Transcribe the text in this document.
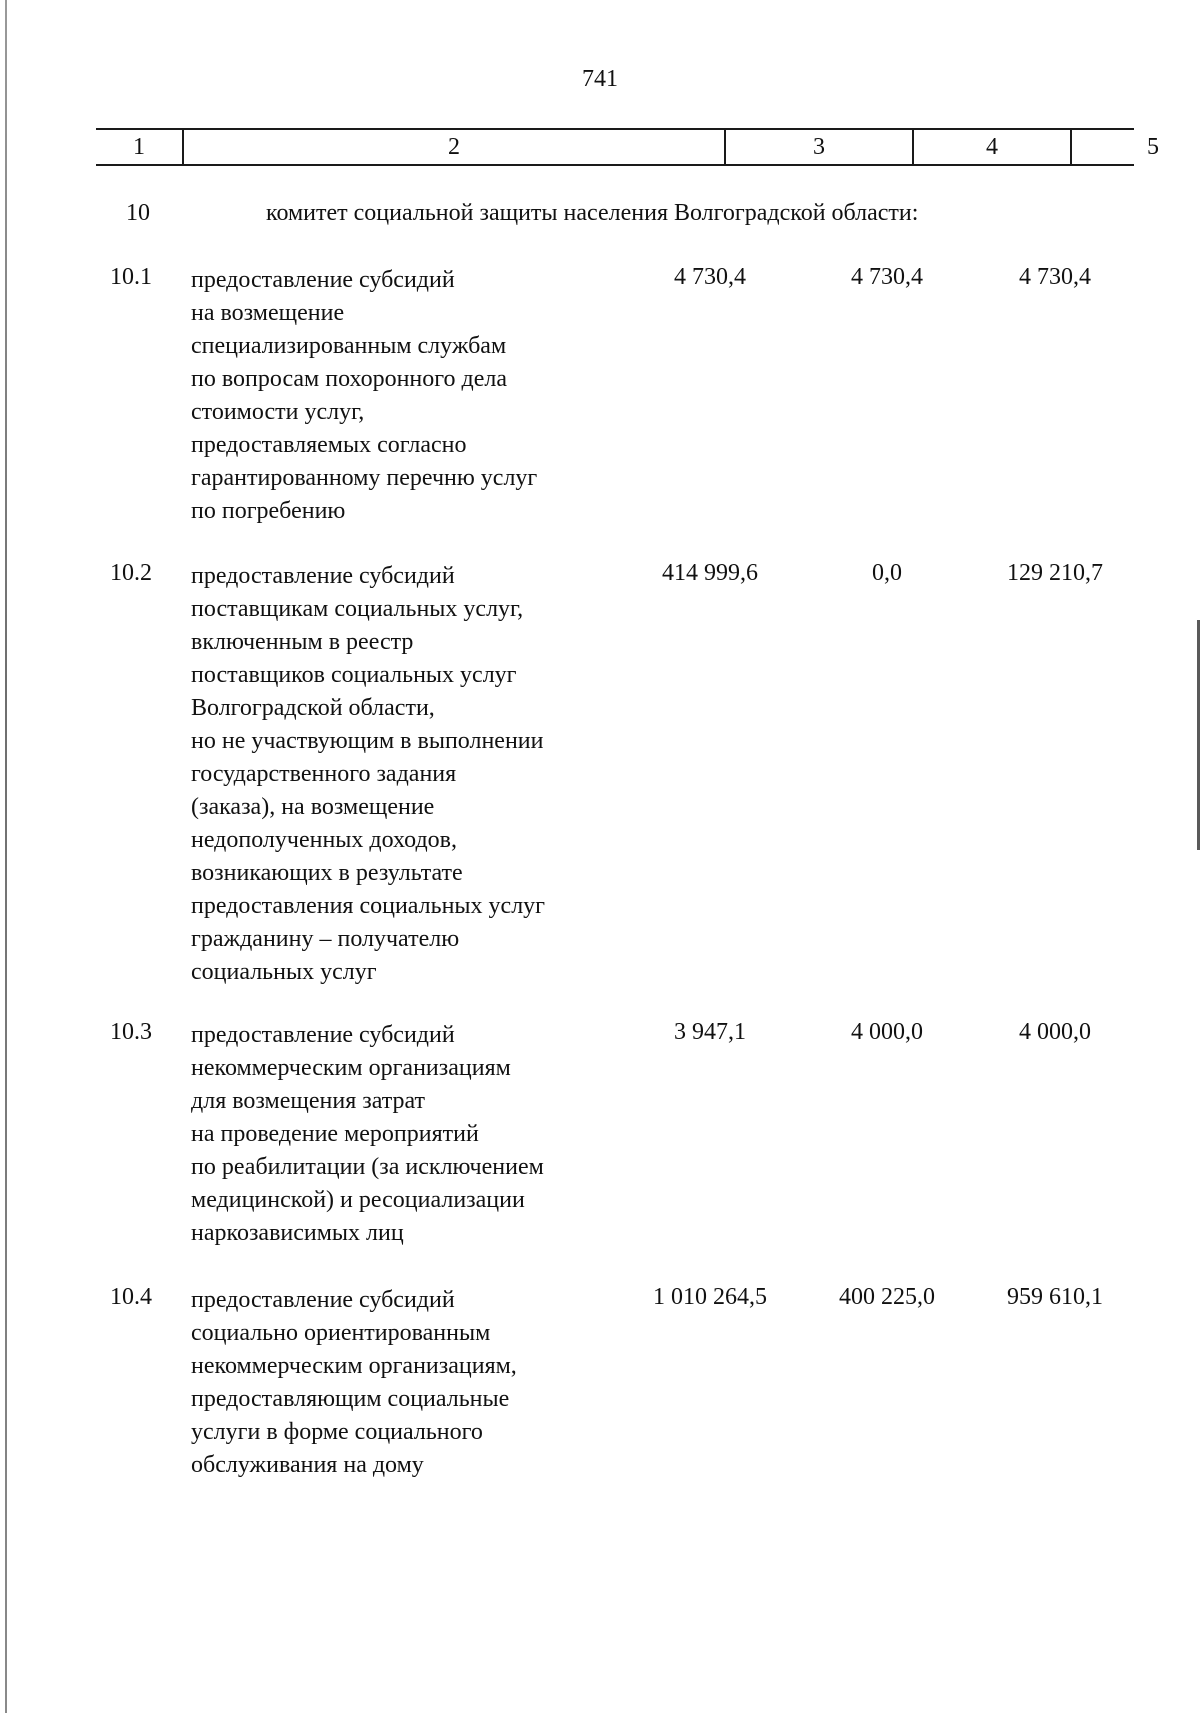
741
1	2	3	4	5
10	комитет социальной защиты населения Волгоградской области:
10.1 предоставление субсидий
на возмещение
специализированным службам
по вопросам похоронного дела
стоимости услуг,
предоставляемых согласно
гарантированному перечню услуг
по погребению
4 730,4	4 730,4	4 730,4
10.2 предоставление субсидий
поставщикам социальных услуг,
включенным в реестр
поставщиков социальных услуг
Волгоградской области,
но не участвующим в выполнении
государственного задания
(заказа), на возмещение
недополученных доходов,
возникающих в результате
предоставления социальных услуг
гражданину – получателю
социальных услуг
414 999,6	0,0	129 210,7
10.3 предоставление субсидий
некоммерческим организациям
для возмещения затрат
на проведение мероприятий
по реабилитации (за исключением
медицинской) и ресоциализации
наркозависимых лиц
3 947,1	4 000,0	4 000,0
10.4 предоставление субсидий
социально ориентированным
некоммерческим организациям,
предоставляющим социальные
услуги в форме социального
обслуживания на дому
1 010 264,5	400 225,0	959 610,1
